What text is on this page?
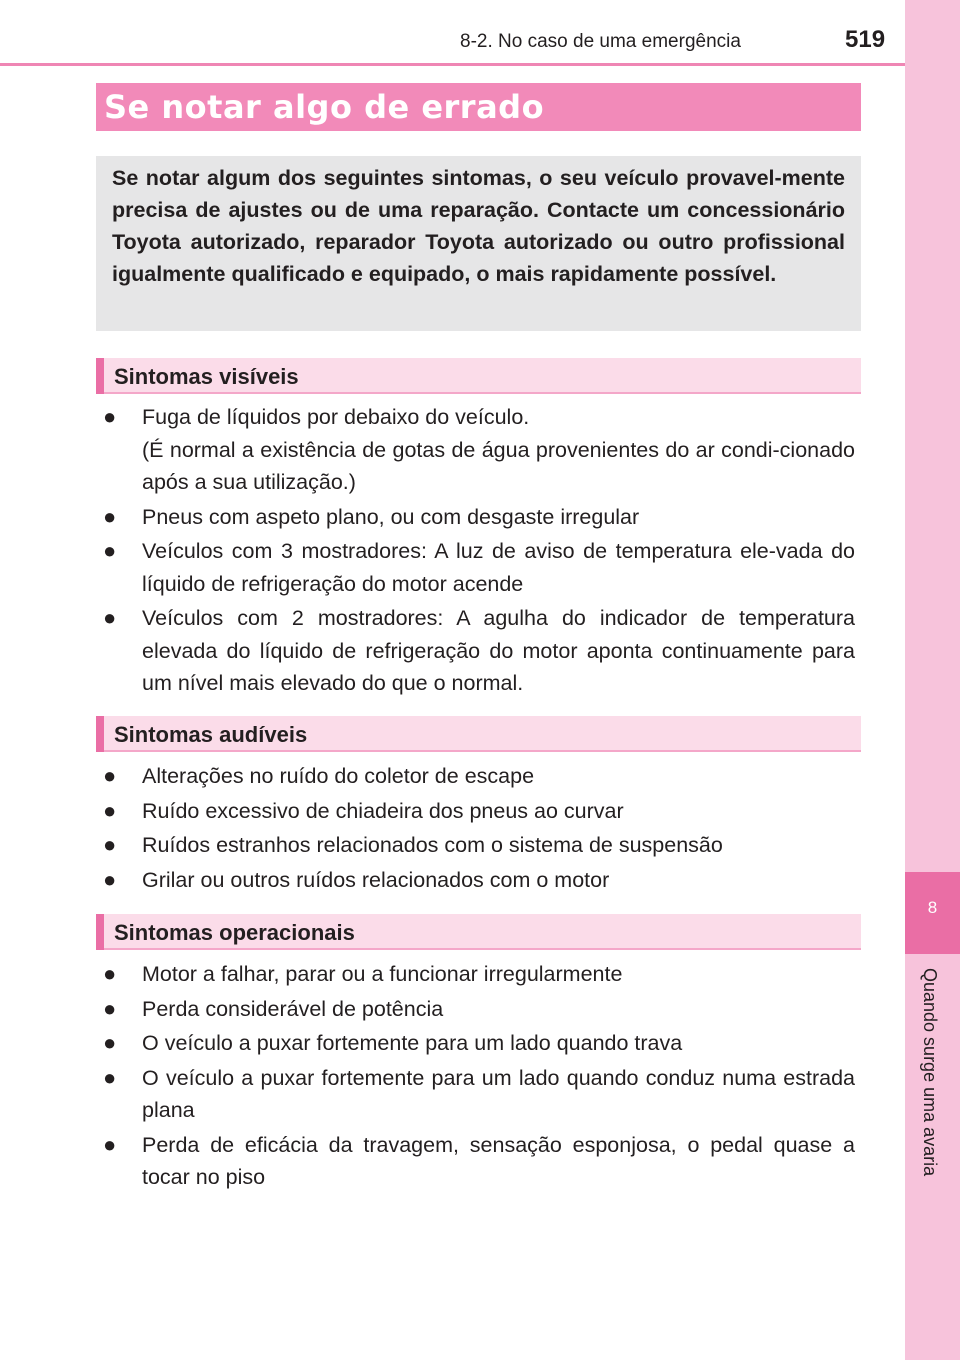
8-2. No caso de uma emergência	519
8
Quando surge uma avaria
Se notar algo de errado

Se notar algum dos seguintes sintomas, o seu veículo provavel-mente precisa de ajustes ou de uma reparação. Contacte um concessionário Toyota autorizado, reparador Toyota autorizado ou outro profissional igualmente qualificado e equipado, o mais rapidamente possível.

Sintomas visíveis
● Fuga de líquidos por debaixo do veículo.
(É normal a existência de gotas de água provenientes do ar condi-cionado após a sua utilização.)
● Pneus com aspeto plano, ou com desgaste irregular
● Veículos com 3 mostradores: A luz de aviso de temperatura ele-vada do líquido de refrigeração do motor acende
● Veículos com 2 mostradores: A agulha do indicador de temperatura elevada do líquido de refrigeração do motor aponta continuamente para um nível mais elevado do que o normal.
Sintomas audíveis
● Alterações no ruído do coletor de escape
● Ruído excessivo de chiadeira dos pneus ao curvar
● Ruídos estranhos relacionados com o sistema de suspensão
● Grilar ou outros ruídos relacionados com o motor
Sintomas operacionais
● Motor a falhar, parar ou a funcionar irregularmente
● Perda considerável de potência
● O veículo a puxar fortemente para um lado quando trava
● O veículo a puxar fortemente para um lado quando conduz numa estrada plana
● Perda de eficácia da travagem, sensação esponjosa, o pedal quase a tocar no piso
